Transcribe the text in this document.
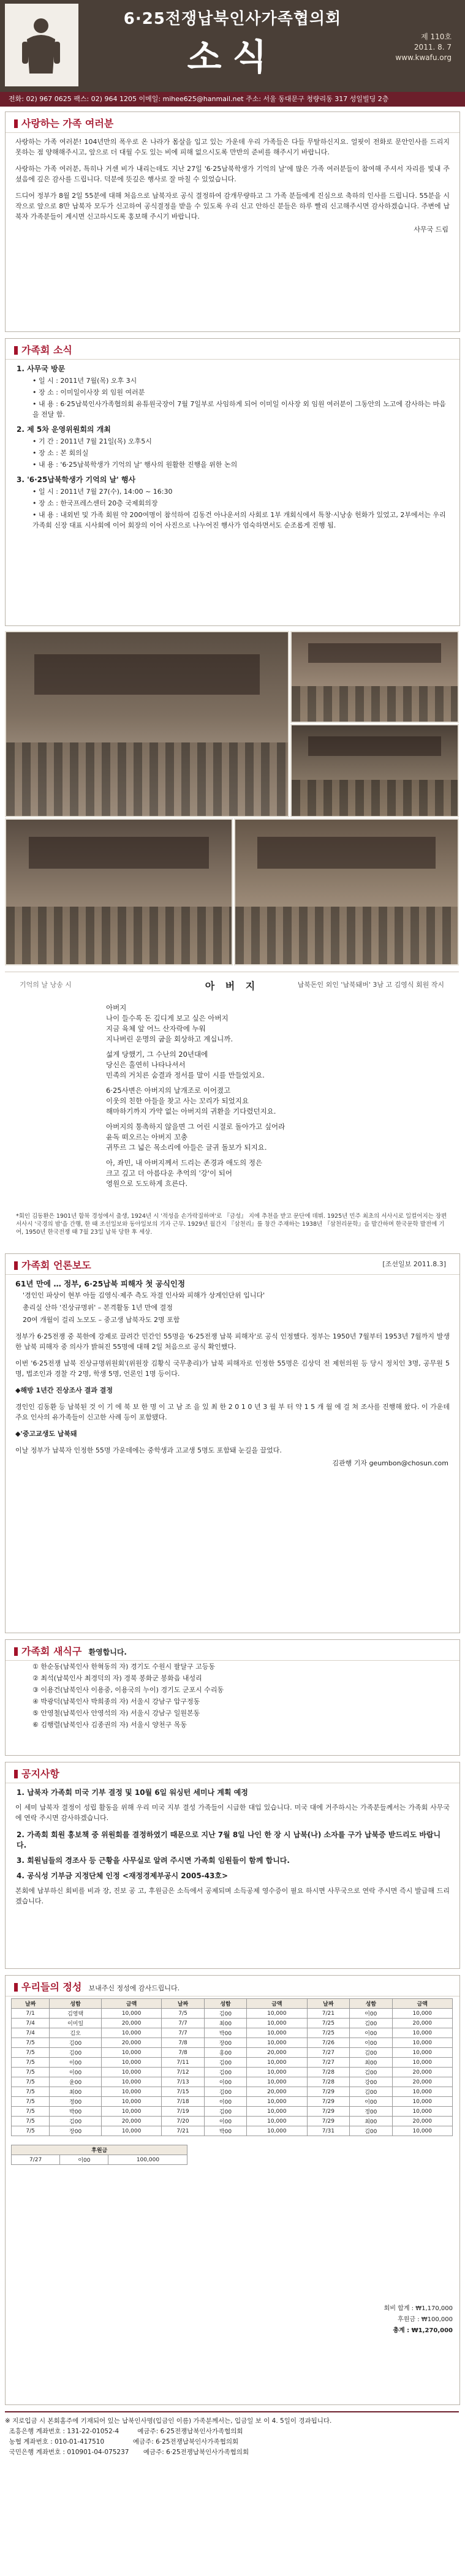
6·25전쟁납북인사가족협의회
소식	제 110호
2011. 8. 7
www.kwafu.org
전화: 02) 967 0625 팩스: 02) 964 1205 이메일: mihee625@hanmail.net 주소: 서울 동대문구 청량리동 317 성일빌딩 2층
사랑하는 가족 여러분
사랑하는 가족 여러분! 104년만의 폭우로 온 나라가 몸살을 입고 있는 가운데 우리 가족들은 다들 무탈하신지요. 얼핏이 전화로 문안인사를 드리지 못하는 점 양해해주시고, 앞으로 더 대월 수도 있는 비에 피해 없으시도록 만반의 준비를 해주시기 바랍니다.
사랑하는 가족 여러분, 특히나 거센 비가 내리는데도 지난 27일 '6·25납북학생가 기억의 날'에 많은 가족 여러분들이 참여해 주셔서 자리를 빛내 주셨음에 깊은 감사를 드립니다. 덕분에 뜻깊은 행사로 잘 마칠 수 있었습니다.
드디어 정부가 8월 2일 55분에 대해 처음으로 납북자로 공식 결정하여 감개무량하고 그 가족 분들에게 진심으로 축하의 인사를 드립니다. 55분을 시작으로 앞으로 8만 납북자 모두가 신고하여 공식결정을 받을 수 있도록 우리 신고 안하신 분들은 하루 빨리 신고해주시면 감사하겠습니다. 주변에 납북자 가족분들이 계시면 신고하시도록 홍보해 주시기 바랍니다.
사무국 드림
가족회 소식
1. 사무국 방문
• 일 시 : 2011년 7월(목) 오후 3시
• 장 소 : 이미일이사장 외 임원 여러분
• 내 용 : 6·25납북인사가족협의회 유튜원국장이 7월 7일부로 사임하게 되어 이미일 이사장 외 임원 여러분이 그동안의 노고에 감사하는 마음을 전달 함.
2. 제 5차 운영위원회의 개최
• 기 간 : 2011년 7월 21일(목) 오후5시
• 장 소 : 본 회의실
• 내 용 : '6·25납북학생가 기억의 날' 행사의 원활한 진행을 위한 논의
3. '6·25납북학생가 기억의 날' 행사
• 일 시 : 2011년 7월 27(수), 14:00 ~ 16:30
• 장 소 : 한국프레스센터 20층 국제회의장
• 내 용 : 내외빈 및 가족 회원 약 200여명이 참석하여 김동건 아나운서의 사회로 1부 개회식에서 특창·시낭송 헌화가 있었고, 2부에서는 우리가족회 신장 대표 시사회에 이어 회장의 이어 사진으로 나누어진 행사가 엄숙하면서도 순조롭게 진행 됨.
기억의 날 낭송 시	아 버 지	납북돈인 외인 '납북돼버' 3남 고 김영식 회원 작시
아버지
나이 들수록 돈 깊디게 보고 싶은 아버지
지금 육체 앞 어느 산자락에 누워
지나버린 운명의 굽을 회상하고 계십니까.
섧게 당했기, 그 수난의 20년대에
당신은 홀연히 나타나셔서
민족의 거치른 숨결과 정서를 말이 시를 만들었지요.
6·25사변은 아버지의 날개조로 이어졌고
이웃의 친한 아들을 찾고 사는 꼬리가 되었지요
해마하기까지 가약 없는 아버지의 귀환을 기다렸던지요.
아버지의 통촉하지 않을면 그 어린 시절로 돌아가고 싶어라
윤독 떠오르는 아버지 꼬충
귀뚜르 그 넓은 목소리에 아들은 글귀 돌보가 되지요.
아, 좌민, 내 아버지께서 드리는 존경과 애도의 정은
크고 깊고 더 아름다운 추억의 '강'이 되어
영원으로 도도하게 흐른다.
*회인 김동환은 1901년 함북 경성에서 출생, 1924년 시 '적성을 손가락질하며'로 『금성』 지에 추천을 받고 문단에 데뷔. 1925년 민주 최초의 서사시로 일컬어지는 장편 서사시 '국경의 밤'을 간행, 한 때 조선일보와 동아일보의 기자 근무. 1929년 월간지 『삼천리』를 창간 주재하는 1938년 『삼천리문학』을 발간하며 한국문학 발전에 기여, 1950년 한국전쟁 때 7월 23일 납북 당한 후 세상.
가족회 언론보도	[조선일보 2011.8.3]
61년 만에 … 정부, 6·25납북 피해자 첫 공식인정
'경인인 파상이 현부 아들 김영식·제주 측도 자결 인사와 피해가 상계인단위 입니다'
총리실 산하 '진상규명위' – 본격활동 1년 만에 결정
20여 개월이 걸리 노모도 – 중고생 납북자도 2명 포함
정부가 6·25전쟁 중 북한에 강제로 끌려간 민간인 55명을 '6·25전쟁 납북 피해자'로 공식 인정했다. 정부는 1950년 7월부터 1953년 7월까지 발생한 납북 피해자 중 의사가 밝혀진 55명에 대해 2일 처음으로 공식 확인했다.
이번 '6·25전쟁 납북 진상규명위원회'(위원장 김황식 국무총리)가 납북 피해자로 인정한 55명은 김상덕 전 제헌의원 등 당시 정치인 3명, 공무원 5명, 법조인과 경찰 각 2명, 학생 5명, 언론인 1명 등이다.
◆해방 1년간 진상조사 결과 결정
경인인 김동환 등 납북된 것 이 기 에 북 보 한 명 이 고 남 조 을 있 최 한 2 0 1 0 년 3 월 부 터 약 1 5 개 월 에 걸 쳐 조사를 진행해 왔다. 이 가운데 주요 인사의 유가족들이 신고한 사례 등이 포함됐다.
◆'중고교생도 납북돼
이날 정부가 납북자 인정한 55명 가운데에는 중학생과 고교생 5명도 포함돼 눈길을 끌었다.
김관행 기자 geumbon@chosun.com
가족회 새식구 환영합니다.
① 한순동(납북인사 한혁동의 자) 경기도 수원시 팔달구 고등동
② 최석(납북인사 최경덕의 자) 경북 봉화군 봉화읍 내성리
③ 이용건(납북인사 이용중, 이용국의 누이) 경기도 군포시 수리동
④ 박광덕(납북인사 박희종의 자) 서울시 강남구 압구정동
⑤ 안영철(납북인사 안영석의 자) 서울시 강남구 일원본동
⑥ 김행렬(납북인사 김종권의 자) 서울시 양천구 목동
공지사항
1. 납북자 가족회 미국 기부 결정 및 10월 6일 워싱턴 세미나 계획 예정
이 세미 납북자 결정이 성립 활동을 위해 우리 미국 지부 결성 가족들이 시급한 대입 있습니다. 미국 대에 거주하시는 가족분들께서는 가족회 사무국에 연락 주시면 감사하겠습니다.
2. 가족회 회원 홍보책 중 위원회를 결정하였기 때문으로 지난 7월 8일 나인 한 장 시 납북(나) 소자를 구가 납북증 받드리도 바랍니다.
3. 회원님들의 경조사 등 근황을 사무실로 알려 주시면 가족회 임원들이 함께 합니다.
4. 공식성 기부금 지정단체 인정 <재정경제부공시 2005-43호>
본회에 납부하신 회비를 비과 장, 진보 공 고, 후원금은 소득에서 공제되며 소득공제 영수증이 필요 하시면 사무국으로 연락 주시면 즉시 발급해 드리겠습니다.
우리들의 정성 보내주신 정성에 감사드립니다.
날짜	성함	금액	날짜	성함	금액	날짜	성함	금액
7/1	김영택	10,000	7/5	김00	10,000	7/21	이00	10,000
7/4	이미일	20,000	7/7	최00	10,000	7/25	김00	20,000
7/4	김오	10,000	7/7	박00	10,000	7/25	이00	10,000
7/5	김00	20,000	7/8	장00	10,000	7/26	이00	10,000
7/5	김00	10,000	7/8	홍00	20,000	7/27	김00	10,000
7/5	이00	10,000	7/11	김00	10,000	7/27	최00	10,000
7/5	이00	10,000	7/12	김00	10,000	7/28	김00	20,000
7/5	윤00	10,000	7/13	이00	10,000	7/28	강00	20,000
7/5	최00	10,000	7/15	김00	20,000	7/29	김00	10,000
7/5	정00	10,000	7/18	이00	10,000	7/29	이00	10,000
7/5	박00	10,000	7/19	김00	10,000	7/29	정00	10,000
7/5	김00	20,000	7/20	이00	10,000	7/29	최00	20,000
7/5	장00	10,000	7/21	박00	10,000	7/31	김00	10,000
후원금
7/27	이00	100,000
회비 합계 : ₩1,170,000
후원금 : ₩100,000
총계 : ₩1,270,000
※ 지로입금 시 본회홈주에 기재되어 있는 납북인사명(입금인 이름) 가족분께서는, 입금일 보 이 4. 5일이 경과됩니다.
조흥은행 계좌번호 : 131-22-01052-4         예금주: 6·25전쟁납북인사가족협의회
농협 계좌번호 : 010-01-417510              예금주: 6·25전쟁납북인사가족협의회
국민은행 계좌번호 : 010901-04-075237       예금주: 6·25전쟁납북인사가족협의회
